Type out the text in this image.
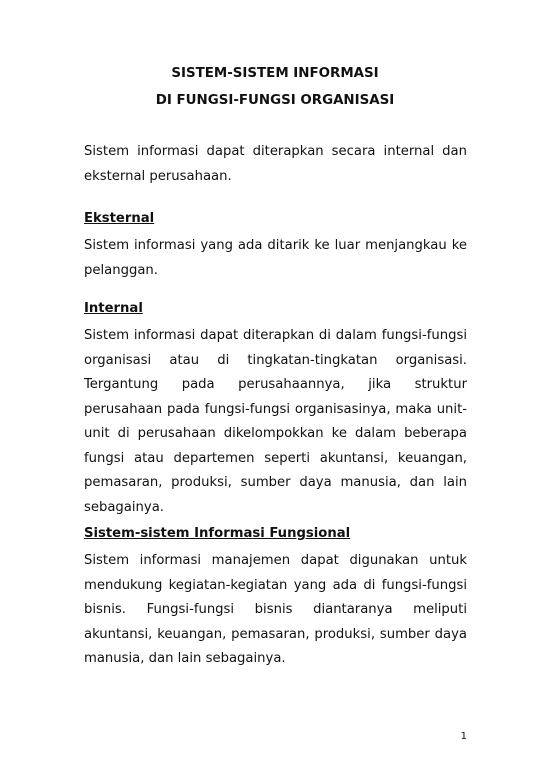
SISTEM-SISTEM INFORMASI
DI FUNGSI-FUNGSI ORGANISASI

Sistem informasi dapat diterapkan secara internal dan eksternal perusahaan.

Eksternal

Sistem informasi yang ada ditarik ke luar menjangkau ke pelanggan.

Internal

Sistem informasi dapat diterapkan di dalam fungsi-fungsi organisasi atau di tingkatan-tingkatan organisasi. Tergantung pada perusahaannya, jika struktur perusahaan pada fungsi-fungsi organisasinya, maka unit-unit di perusahaan dikelompokkan ke dalam beberapa fungsi atau departemen seperti akuntansi, keuangan, pemasaran, produksi, sumber daya manusia, dan lain sebagainya.

Sistem-sistem Informasi Fungsional

Sistem informasi manajemen dapat digunakan untuk mendukung kegiatan-kegiatan yang ada di fungsi-fungsi bisnis. Fungsi-fungsi bisnis diantaranya meliputi akuntansi, keuangan, pemasaran, produksi, sumber daya manusia, dan lain sebagainya.

1
